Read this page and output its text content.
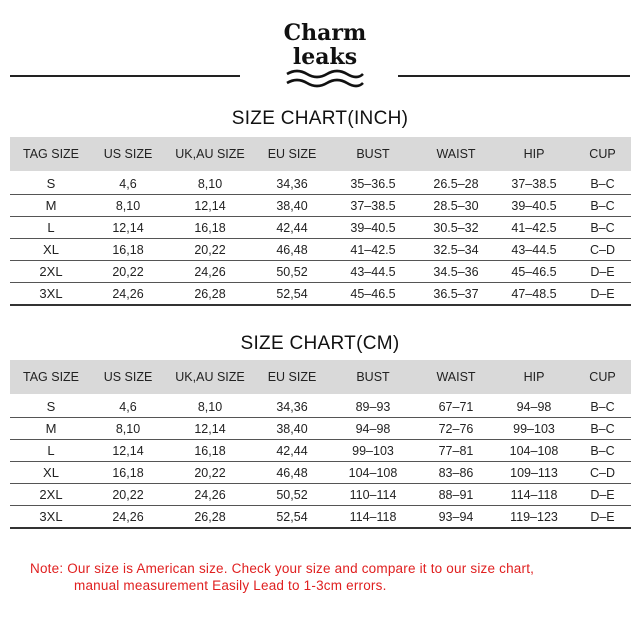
Charm
leaks
SIZE CHART(INCH)
TAG SIZE	US SIZE	UK,AU SIZE	EU SIZE	BUST	WAIST	HIP	CUP
S	4,6	8,10	34,36	35–36.5	26.5–28	37–38.5	B–C
M	8,10	12,14	38,40	37–38.5	28.5–30	39–40.5	B–C
L	12,14	16,18	42,44	39–40.5	30.5–32	41–42.5	B–C
XL	16,18	20,22	46,48	41–42.5	32.5–34	43–44.5	C–D
2XL	20,22	24,26	50,52	43–44.5	34.5–36	45–46.5	D–E
3XL	24,26	26,28	52,54	45–46.5	36.5–37	47–48.5	D–E
SIZE CHART(CM)
TAG SIZE	US SIZE	UK,AU SIZE	EU SIZE	BUST	WAIST	HIP	CUP
S	4,6	8,10	34,36	89–93	67–71	94–98	B–C
M	8,10	12,14	38,40	94–98	72–76	99–103	B–C
L	12,14	16,18	42,44	99–103	77–81	104–108	B–C
XL	16,18	20,22	46,48	104–108	83–86	109–113	C–D
2XL	20,22	24,26	50,52	110–114	88–91	114–118	D–E
3XL	24,26	26,28	52,54	114–118	93–94	119–123	D–E
Note: Our size is American size. Check your size and compare it to our size chart,
manual measurement Easily Lead to 1-3cm errors.
